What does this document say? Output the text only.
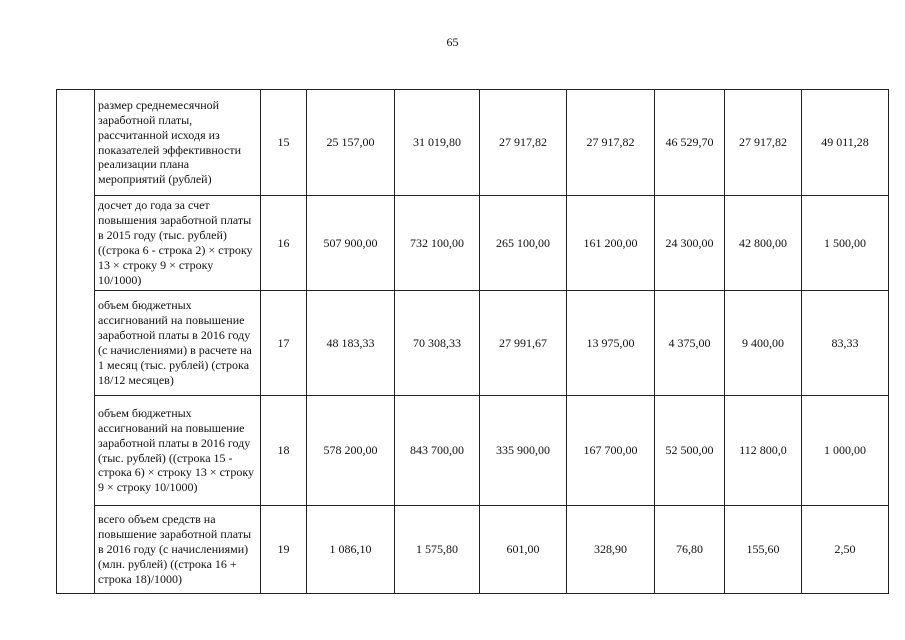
65
	размер среднемесячной заработной платы, рассчитанной исходя из показателей эффективности реализации плана мероприятий (рублей)	15	25 157,00	31 019,80	27 917,82	27 917,82	46 529,70	27 917,82	49 011,28
	досчет до года за счет повышения заработной платы в 2015 году (тыс. рублей) ((строка 6 - строка 2) × строку 13 × строку 9 × строку 10/1000)	16	507 900,00	732 100,00	265 100,00	161 200,00	24 300,00	42 800,00	1 500,00
	объем бюджетных ассигнований на повышение заработной платы в 2016 году (с начислениями) в расчете на 1 месяц (тыс. рублей) (строка 18/12 месяцев)	17	48 183,33	70 308,33	27 991,67	13 975,00	4 375,00	9 400,00	83,33
	объем бюджетных ассигнований на повышение заработной платы в 2016 году (тыс. рублей) ((строка 15 - строка 6) × строку 13 × строку 9 × строку 10/1000)	18	578 200,00	843 700,00	335 900,00	167 700,00	52 500,00	112 800,0	1 000,00
	всего объем средств на повышение заработной платы в 2016 году (с начислениями) (млн. рублей) ((строка 16 + строка 18)/1000)	19	1 086,10	1 575,80	601,00	328,90	76,80	155,60	2,50
